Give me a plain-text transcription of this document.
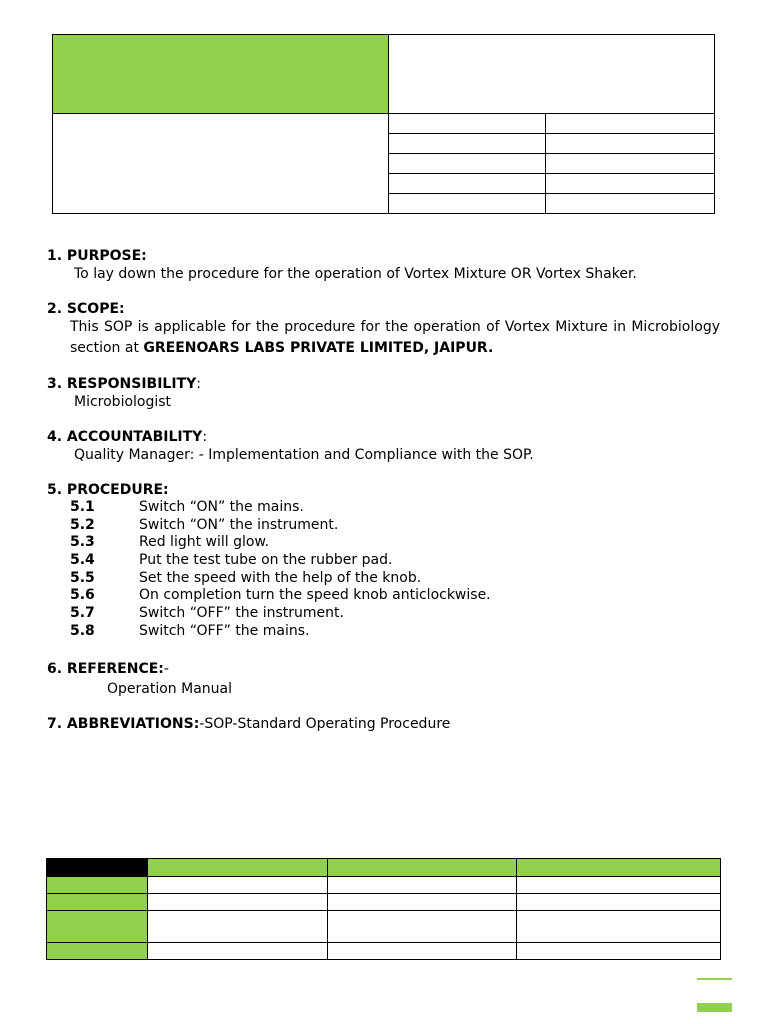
1. PURPOSE:
To lay down the procedure for the operation of Vortex Mixture OR Vortex Shaker.
2. SCOPE:
This SOP is applicable for the procedure for the operation of Vortex Mixture in Microbiology section at GREENOARS LABS PRIVATE LIMITED, JAIPUR.
3. RESPONSIBILITY:
Microbiologist
4. ACCOUNTABILITY:
Quality Manager: - Implementation and Compliance with the SOP.
5. PROCEDURE:
5.1	Switch “ON” the mains.
5.2	Switch “ON” the instrument.
5.3	Red light will glow.
5.4	Put the test tube on the rubber pad.
5.5	Set the speed with the help of the knob.
5.6	On completion turn the speed knob anticlockwise.
5.7	Switch “OFF” the instrument.
5.8	Switch “OFF” the mains.
6. REFERENCE:-
Operation Manual
7. ABBREVIATIONS:-SOP-Standard Operating Procedure
